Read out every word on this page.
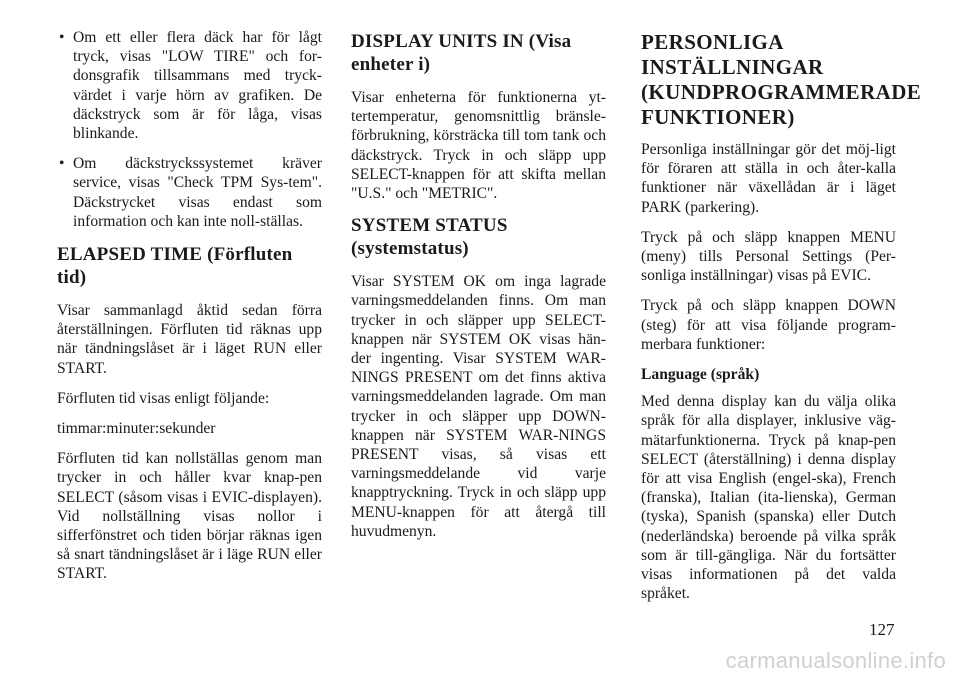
• Om ett eller flera däck har för lågt tryck, visas "LOW TIRE" och for-donsgrafik tillsammans med tryck-värdet i varje hörn av grafiken. De däckstryck som är för låga, visas blinkande.
• Om däckstryckssystemet kräver service, visas "Check TPM Sys-tem". Däckstrycket visas endast som information och kan inte noll-ställas.
ELAPSED TIME (Förfluten tid)

Visar sammanlagd åktid sedan förra återställningen. Förfluten tid räknas upp när tändningslåset är i läget RUN eller START.

Förfluten tid visas enligt följande:

timmar:minuter:sekunder

Förfluten tid kan nollställas genom man trycker in och håller kvar knap-pen SELECT (såsom visas i EVIC-displayen). Vid nollställning visas nollor i sifferfönstret och tiden börjar räknas igen så snart tändningslåset är i läge RUN eller START.

DISPLAY UNITS IN (Visa enheter i)

Visar enheterna för funktionerna yt-tertemperatur, genomsnittlig bränsle-förbrukning, körsträcka till tom tank och däckstryck. Tryck in och släpp upp SELECT-knappen för att skifta mellan "U.S." och "METRIC".

SYSTEM STATUS (systemstatus)

Visar SYSTEM OK om inga lagrade varningsmeddelanden finns. Om man trycker in och släpper upp SELECT-knappen när SYSTEM OK visas hän-der ingenting. Visar SYSTEM WAR-NINGS PRESENT om det finns aktiva varningsmeddelanden lagrade. Om man trycker in och släpper upp DOWN-knappen när SYSTEM WAR-NINGS PRESENT visas, så visas ett varningsmeddelande vid varje knapptryckning. Tryck in och släpp upp MENU-knappen för att återgå till huvudmenyn.

PERSONLIGA INSTÄLLNINGAR (KUNDPROGRAMMERADE FUNKTIONER)

Personliga inställningar gör det möj-ligt för föraren att ställa in och åter-kalla funktioner när växellådan är i läget PARK (parkering).

Tryck på och släpp knappen MENU (meny) tills Personal Settings (Per-sonliga inställningar) visas på EVIC.

Tryck på och släpp knappen DOWN (steg) för att visa följande program-merbara funktioner:

Language (språk)

Med denna display kan du välja olika språk för alla displayer, inklusive väg-mätarfunktionerna. Tryck på knap-pen SELECT (återställning) i denna display för att visa English (engel-ska), French (franska), Italian (ita-lienska), German (tyska), Spanish (spanska) eller Dutch (nederländska) beroende på vilka språk som är till-gängliga. När du fortsätter visas informationen på det valda språket.

127
carmanualsonline.info
